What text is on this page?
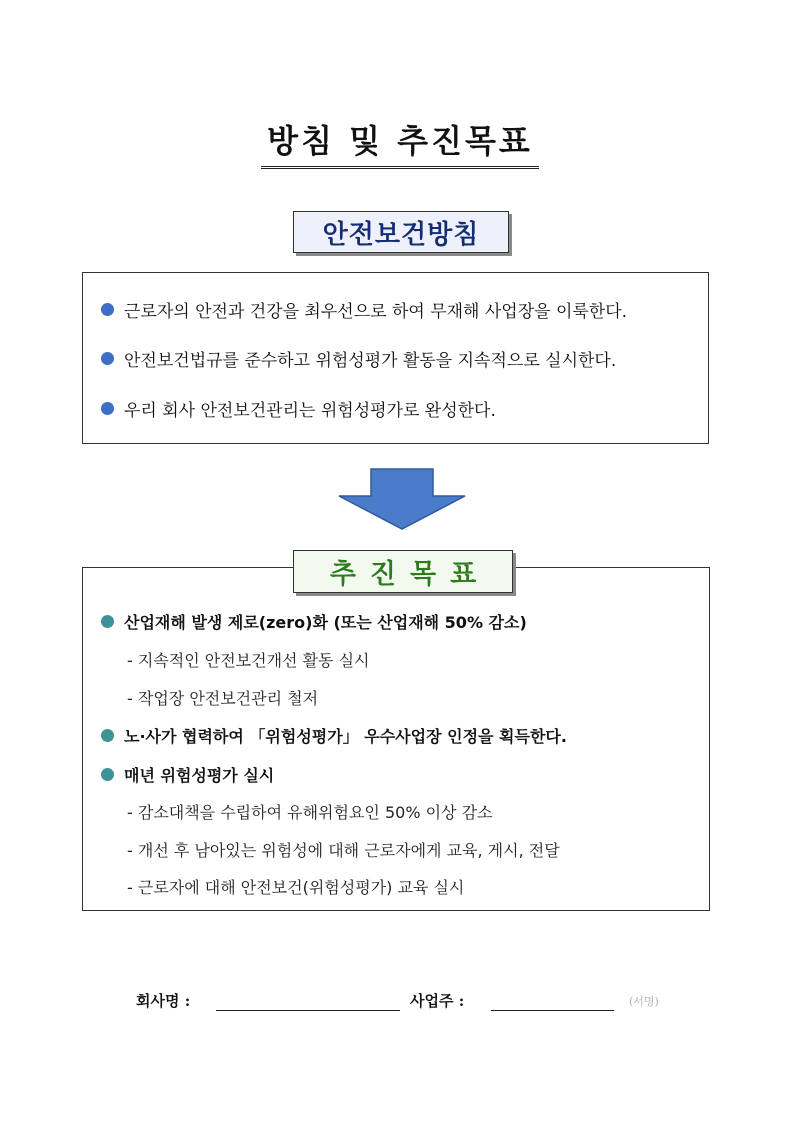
방침 및 추진목표
안전보건방침
근로자의 안전과 건강을 최우선으로 하여 무재해 사업장을 이룩한다.
안전보건법규를 준수하고 위험성평가 활동을 지속적으로 실시한다.
우리 회사 안전보건관리는 위험성평가로 완성한다.
산업재해 발생 제로(zero)화 (또는 산업재해 50% 감소)
- 지속적인 안전보건개선 활동 실시
- 작업장 안전보건관리 철저
노·사가 협력하여 「위험성평가」 우수사업장 인정을 획득한다.
매년 위험성평가 실시
- 감소대책을 수립하여 유해위험요인 50% 이상 감소
- 개선 후 남아있는 위험성에 대해 근로자에게 교육, 게시, 전달
- 근로자에 대해 안전보건(위험성평가) 교육 실시
추진목표
회사명 :	사업주 :	(서명)
